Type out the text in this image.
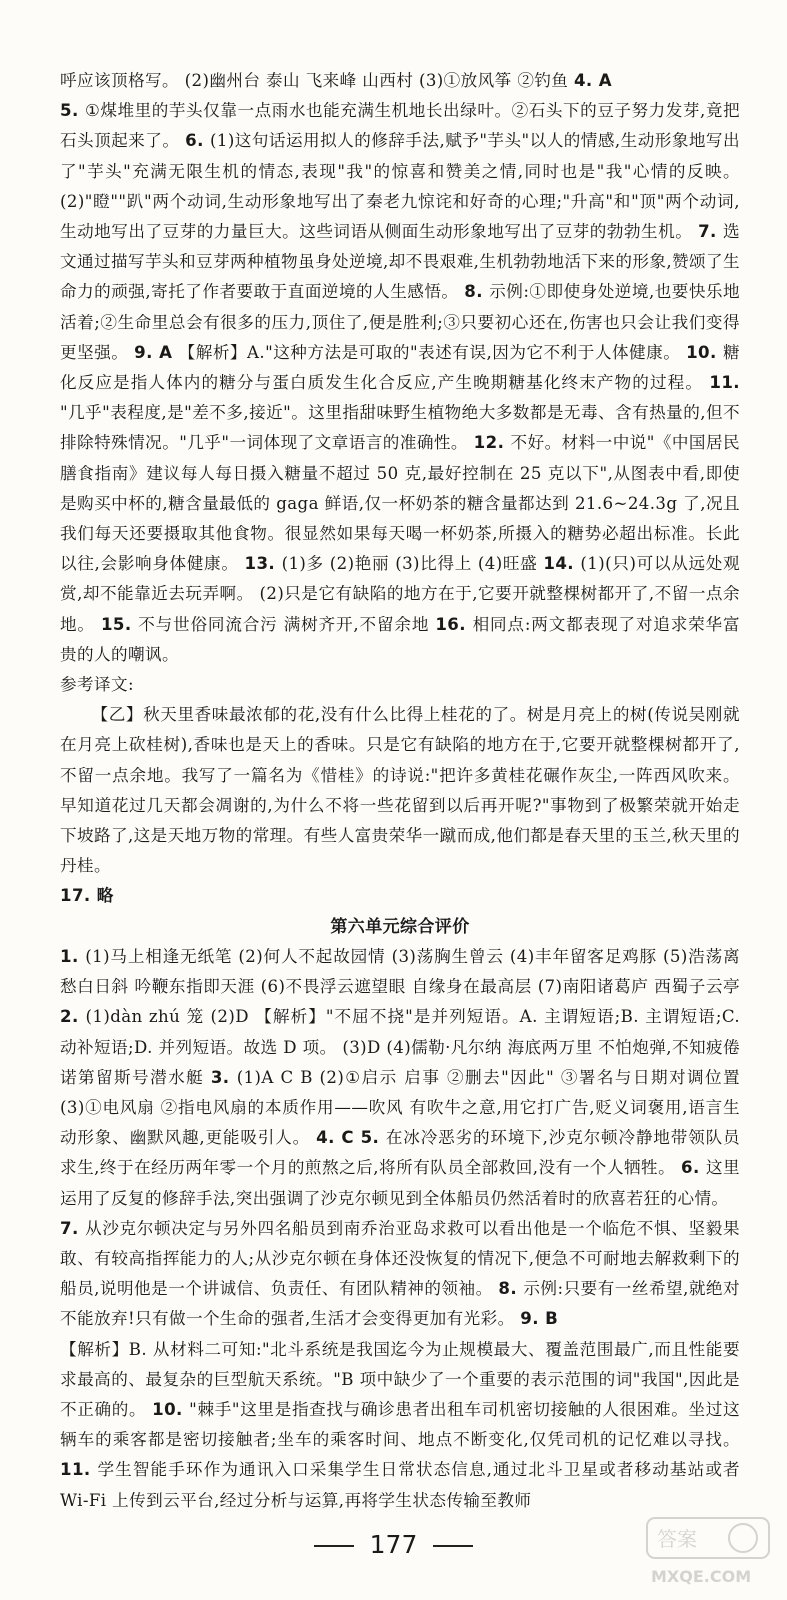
呼应该顶格写。 (2)幽州台 泰山 飞来峰 山西村 (3)①放风筝 ②钓鱼 4. A
5. ①煤堆里的芋头仅靠一点雨水也能充满生机地长出绿叶。②石头下的豆子努力发芽,竟把石头顶起来了。 6. (1)这句话运用拟人的修辞手法,赋予"芋头"以人的情感,生动形象地写出了"芋头"充满无限生机的情态,表现"我"的惊喜和赞美之情,同时也是"我"心情的反映。 (2)"瞪""趴"两个动词,生动形象地写出了秦老九惊诧和好奇的心理;"升高"和"顶"两个动词,生动地写出了豆芽的力量巨大。这些词语从侧面生动形象地写出了豆芽的勃勃生机。 7. 选文通过描写芋头和豆芽两种植物虽身处逆境,却不畏艰难,生机勃勃地活下来的形象,赞颂了生命力的顽强,寄托了作者要敢于直面逆境的人生感悟。 8. 示例:①即使身处逆境,也要快乐地活着;②生命里总会有很多的压力,顶住了,便是胜利;③只要初心还在,伤害也只会让我们变得更坚强。 9. A 【解析】A."这种方法是可取的"表述有误,因为它不利于人体健康。 10. 糖化反应是指人体内的糖分与蛋白质发生化合反应,产生晚期糖基化终末产物的过程。 11. "几乎"表程度,是"差不多,接近"。这里指甜味野生植物绝大多数都是无毒、含有热量的,但不排除特殊情况。"几乎"一词体现了文章语言的准确性。 12. 不好。材料一中说"《中国居民膳食指南》建议每人每日摄入糖量不超过 50 克,最好控制在 25 克以下",从图表中看,即使是购买中杯的,糖含量最低的 gaga 鲜语,仅一杯奶茶的糖含量都达到 21.6~24.3g 了,况且我们每天还要摄取其他食物。很显然如果每天喝一杯奶茶,所摄入的糖势必超出标准。长此以往,会影响身体健康。 13. (1)多 (2)艳丽 (3)比得上 (4)旺盛 14. (1)(只)可以从远处观赏,却不能靠近去玩弄啊。 (2)只是它有缺陷的地方在于,它要开就整棵树都开了,不留一点余地。 15. 不与世俗同流合污 满树齐开,不留余地 16. 相同点:两文都表现了对追求荣华富贵的人的嘲讽。

参考译文:

【乙】秋天里香味最浓郁的花,没有什么比得上桂花的了。树是月亮上的树(传说吴刚就在月亮上砍桂树),香味也是天上的香味。只是它有缺陷的地方在于,它要开就整棵树都开了,不留一点余地。我写了一篇名为《惜桂》的诗说:"把许多黄桂花碾作灰尘,一阵西风吹来。早知道花过几天都会凋谢的,为什么不将一些花留到以后再开呢?"事物到了极繁荣就开始走下坡路了,这是天地万物的常理。有些人富贵荣华一蹴而成,他们都是春天里的玉兰,秋天里的丹桂。

17. 略

第六单元综合评价

1. (1)马上相逢无纸笔 (2)何人不起故园情 (3)荡胸生曾云 (4)丰年留客足鸡豚 (5)浩荡离愁白日斜 吟鞭东指即天涯 (6)不畏浮云遮望眼 自缘身在最高层 (7)南阳诸葛庐 西蜀子云亭 2. (1)dàn zhú 笼 (2)D 【解析】"不屈不挠"是并列短语。A. 主谓短语;B. 主谓短语;C. 动补短语;D. 并列短语。故选 D 项。 (3)D (4)儒勒·凡尔纳 海底两万里 不怕炮弹,不知疲倦 诺第留斯号潜水艇 3. (1)A C B (2)①启示 启事 ②删去"因此" ③署名与日期对调位置 (3)①电风扇 ②指电风扇的本质作用——吹风 有吹牛之意,用它打广告,贬义词褒用,语言生动形象、幽默风趣,更能吸引人。 4. C 5. 在冰冷恶劣的环境下,沙克尔顿冷静地带领队员求生,终于在经历两年零一个月的煎熬之后,将所有队员全部救回,没有一个人牺牲。 6. 这里运用了反复的修辞手法,突出强调了沙克尔顿见到全体船员仍然活着时的欣喜若狂的心情。
7. 从沙克尔顿决定与另外四名船员到南乔治亚岛求救可以看出他是一个临危不惧、坚毅果敢、有较高指挥能力的人;从沙克尔顿在身体还没恢复的情况下,便急不可耐地去解救剩下的船员,说明他是一个讲诚信、负责任、有团队精神的领袖。 8. 示例:只要有一丝希望,就绝对不能放弃!只有做一个生命的强者,生活才会变得更加有光彩。 9. B
【解析】B. 从材料二可知:"北斗系统是我国迄今为止规模最大、覆盖范围最广,而且性能要求最高的、最复杂的巨型航天系统。"B 项中缺少了一个重要的表示范围的词"我国",因此是不正确的。 10. "棘手"这里是指查找与确诊患者出租车司机密切接触的人很困难。坐过这辆车的乘客都是密切接触者;坐车的乘客时间、地点不断变化,仅凭司机的记忆难以寻找。 11. 学生智能手环作为通讯入口采集学生日常状态信息,通过北斗卫星或者移动基站或者 Wi-Fi 上传到云平台,经过分析与运算,再将学生状态传输至教师

177	答案
MXQE.COM
